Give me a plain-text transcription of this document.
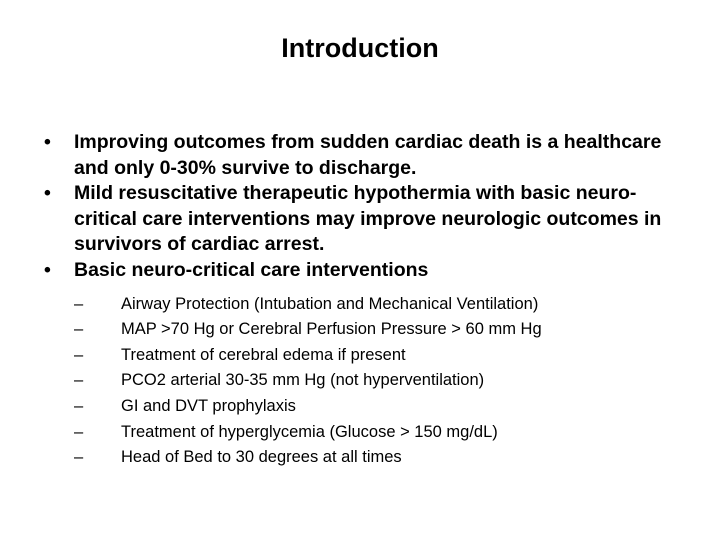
Introduction
• Improving outcomes from sudden cardiac death is a healthcare and only 0-30% survive to discharge.
• Mild resuscitative therapeutic hypothermia with basic neuro-critical care interventions may improve neurologic outcomes in survivors of cardiac arrest.
• Basic neuro-critical care interventions
– Airway Protection (Intubation and Mechanical Ventilation)
– MAP >70 Hg or Cerebral Perfusion Pressure > 60 mm Hg
– Treatment of cerebral edema if present
– PCO2 arterial 30-35 mm Hg (not hyperventilation)
– GI and DVT prophylaxis
– Treatment of hyperglycemia (Glucose > 150 mg/dL)
– Head of Bed to 30 degrees at all times
